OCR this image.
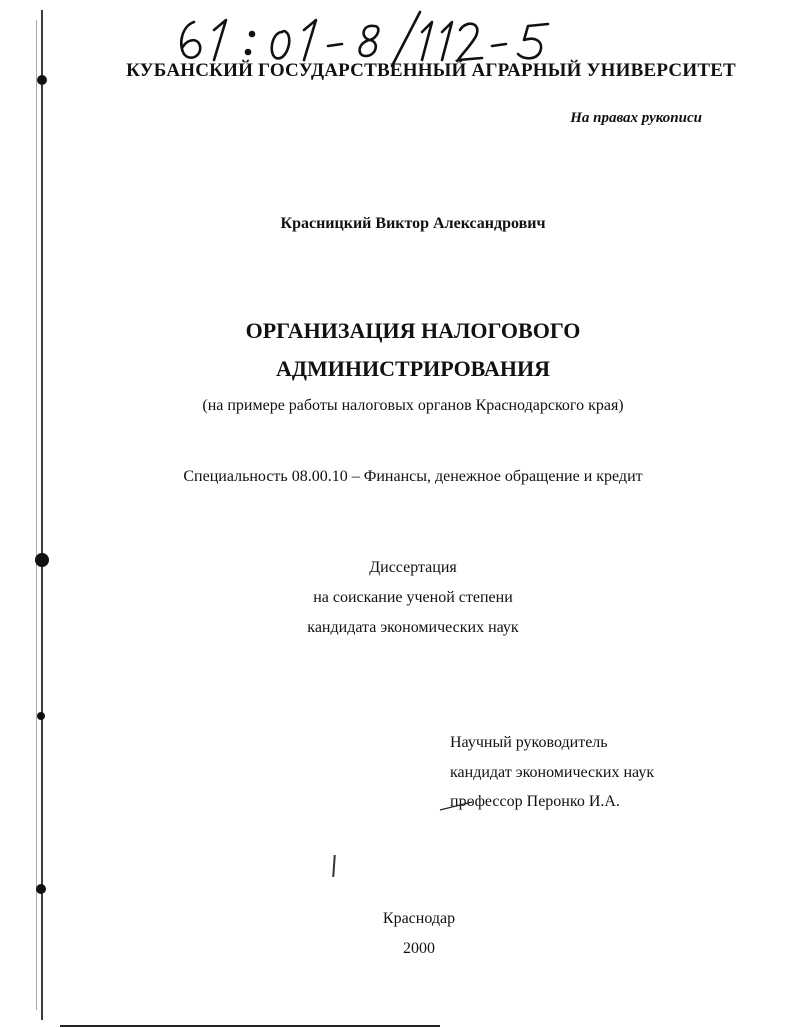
КУБАНСКИЙ ГОСУДАРСТВЕННЫЙ АГРАРНЫЙ УНИВЕРСИТЕТ
На правах рукописи
Красницкий Виктор Александрович
ОРГАНИЗАЦИЯ НАЛОГОВОГО
АДМИНИСТРИРОВАНИЯ
(на примере работы налоговых органов Краснодарского края)
Специальность 08.00.10 – Финансы, денежное обращение и кредит
Диссертация
на соискание ученой степени
кандидата экономических наук
Научный руководитель
кандидат экономических наук
профессор Перонко И.А.
Краснодар
2000
